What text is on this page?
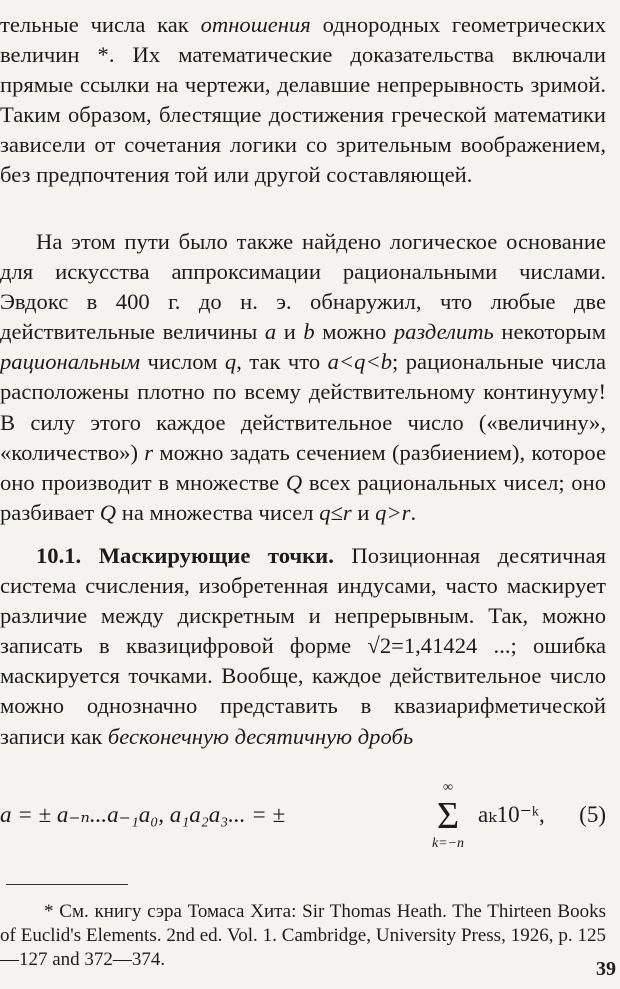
тельные числа как отношения однородных геометрических величин *. Их математические доказательства включали прямые ссылки на чертежи, делавшие непрерывность зримой. Таким образом, блестящие достижения греческой математики зависели от сочетания логики со зрительным воображением, без предпочтения той или другой составляющей.

На этом пути было также найдено логическое основание для искусства аппроксимации рациональными числами. Эвдокс в 400 г. до н. э. обнаружил, что любые две действительные величины a и b можно разделить некоторым рациональным числом q, так что a<q<b; рациональные числа расположены плотно по всему действительному континууму! В силу этого каждое действительное число («величину», «количество») r можно задать сечением (разбиением), которое оно производит в множестве Q всех рациональных чисел; оно разбивает Q на множества чисел q≤r и q>r.

10.1. Маскирующие точки. Позиционная десятичная система счисления, изобретенная индусами, часто маскирует различие между дискретным и непрерывным. Так, можно записать в квазицифровой форме √2=1,41424 ...; ошибка маскируется точками. Вообще, каждое действительное число можно однозначно представить в квазиарифметической записи как бесконечную десятичную дробь

a = ± a₋ₙ...a₋₁a₀, a₁a₂a₃... = ±
∞
Σ
k=−n
aₖ10⁻ᵏ, (5)

* См. книгу сэра Томаса Хита: Sir Thomas Heath. The Thirteen Books of Euclid's Elements. 2nd ed. Vol. 1. Cambridge, University Press, 1926, p. 125—127 and 372—374.	39
